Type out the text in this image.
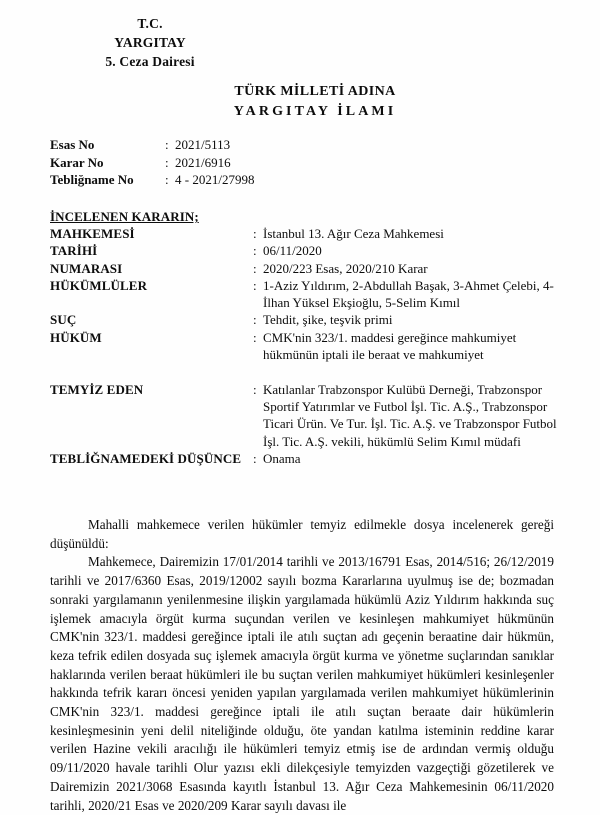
T.C.
YARGITAY
5. Ceza Dairesi
TÜRK MİLLETİ ADINA
YARGITAY İLAMI
Esas No	: 2021/5113
Karar No	: 2021/6916
Tebliğname No	: 4 - 2021/27998
İNCELENEN KARARIN;
MAHKEMESİ	: İstanbul 13. Ağır Ceza Mahkemesi
TARİHİ	: 06/11/2020
NUMARASI	: 2020/223 Esas, 2020/210 Karar
HÜKÜMLÜLER	: 1-Aziz Yıldırım, 2-Abdullah Başak, 3-Ahmet Çelebi, 4-İlhan Yüksel Ekşioğlu, 5-Selim Kımıl
SUÇ	: Tehdit, şike, teşvik primi
HÜKÜM	: CMK'nin 323/1. maddesi gereğince mahkumiyet hükmünün iptali ile beraat ve mahkumiyet
TEMYİZ EDEN	: Katılanlar Trabzonspor Kulübü Derneği, Trabzonspor Sportif Yatırımlar ve Futbol İşl. Tic. A.Ş., Trabzonspor Ticari Ürün. Ve Tur. İşl. Tic. A.Ş. ve Trabzonspor Futbol İşl. Tic. A.Ş. vekili, hükümlü Selim Kımıl müdafi
TEBLİĞNAMEDEKİ DÜŞÜNCE : Onama

Mahalli mahkemece verilen hükümler temyiz edilmekle dosya incelenerek gereği düşünüldü:

Mahkemece, Dairemizin 17/01/2014 tarihli ve 2013/16791 Esas, 2014/516; 26/12/2019 tarihli ve 2017/6360 Esas, 2019/12002 sayılı bozma Kararlarına uyulmuş ise de; bozmadan sonraki yargılamanın yenilenmesine ilişkin yargılamada hükümlü Aziz Yıldırım hakkında suç işlemek amacıyla örgüt kurma suçundan verilen ve kesinleşen mahkumiyet hükmünün CMK'nin 323/1. maddesi gereğince iptali ile atılı suçtan adı geçenin beraatine dair hükmün, keza tefrik edilen dosyada suç işlemek amacıyla örgüt kurma ve yönetme suçlarından sanıklar haklarında verilen beraat hükümleri ile bu suçtan verilen mahkumiyet hükümleri kesinleşenler hakkında tefrik kararı öncesi yeniden yapılan yargılamada verilen mahkumiyet hükümlerinin CMK'nin 323/1. maddesi gereğince iptali ile atılı suçtan beraate dair hükümlerin kesinleşmesinin yeni delil niteliğinde olduğu, öte yandan katılma isteminin reddine karar verilen Hazine vekili aracılığı ile hükümleri temyiz etmiş ise de ardından vermiş olduğu 09/11/2020 havale tarihli Olur yazısı ekli dilekçesiyle temyizden vazgeçtiği gözetilerek ve Dairemizin 2021/3068 Esasında kayıtlı İstanbul 13. Ağır Ceza Mahkemesinin 06/11/2020 tarihli, 2020/21 Esas ve 2020/209 Karar sayılı davası ile
